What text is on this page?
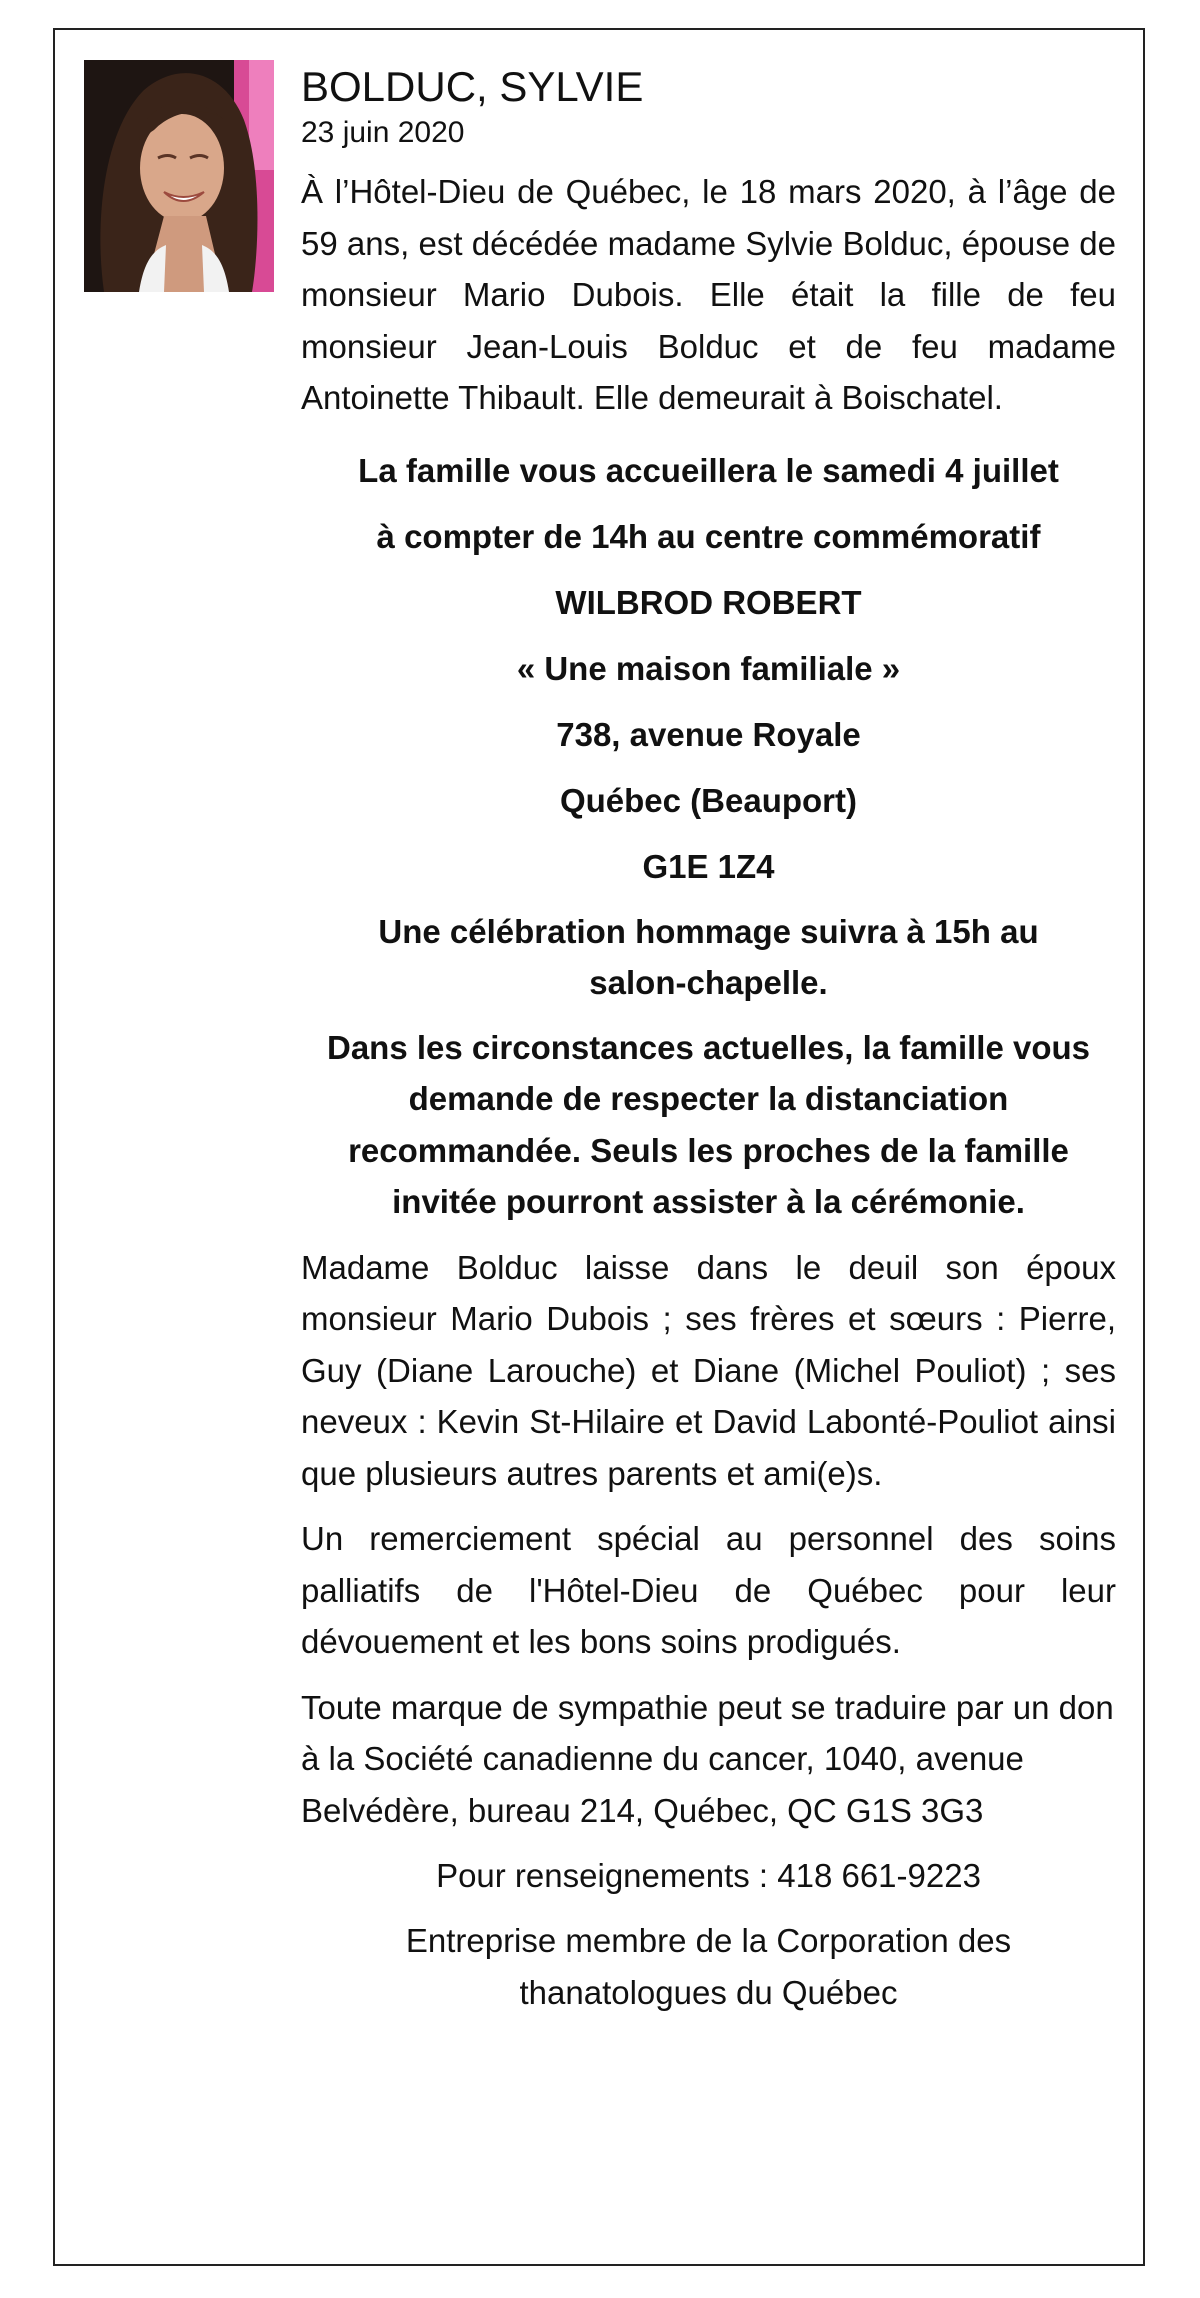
BOLDUC, SYLVIE

23 juin 2020

À l’Hôtel-Dieu de Québec, le 18 mars 2020, à l’âge de 59 ans, est décédée madame Sylvie Bolduc, épouse de monsieur Mario Dubois. Elle était la fille de feu monsieur Jean-Louis Bolduc et de feu madame Antoinette Thibault. Elle demeurait à Boischatel.

La famille vous accueillera le samedi 4 juillet

à compter de 14h au centre commémoratif

WILBROD ROBERT

« Une maison familiale »

738, avenue Royale

Québec (Beauport)

G1E 1Z4

Une célébration hommage suivra à 15h au salon-chapelle.

Dans les circonstances actuelles, la famille vous demande de respecter la distanciation recommandée. Seuls les proches de la famille invitée pourront assister à la cérémonie.

Madame Bolduc laisse dans le deuil son époux monsieur Mario Dubois ; ses frères et sœurs : Pierre, Guy (Diane Larouche) et Diane (Michel Pouliot) ; ses neveux : Kevin St-Hilaire et David Labonté-Pouliot ainsi que plusieurs autres parents et ami(e)s.

Un remerciement spécial au personnel des soins palliatifs de l'Hôtel-Dieu de Québec pour leur dévouement et les bons soins prodigués.

Toute marque de sympathie peut se traduire par un don à la Société canadienne du cancer, 1040, avenue Belvédère, bureau 214, Québec, QC G1S 3G3

Pour renseignements : 418 661-9223

Entreprise membre de la Corporation des thanatologues du Québec
